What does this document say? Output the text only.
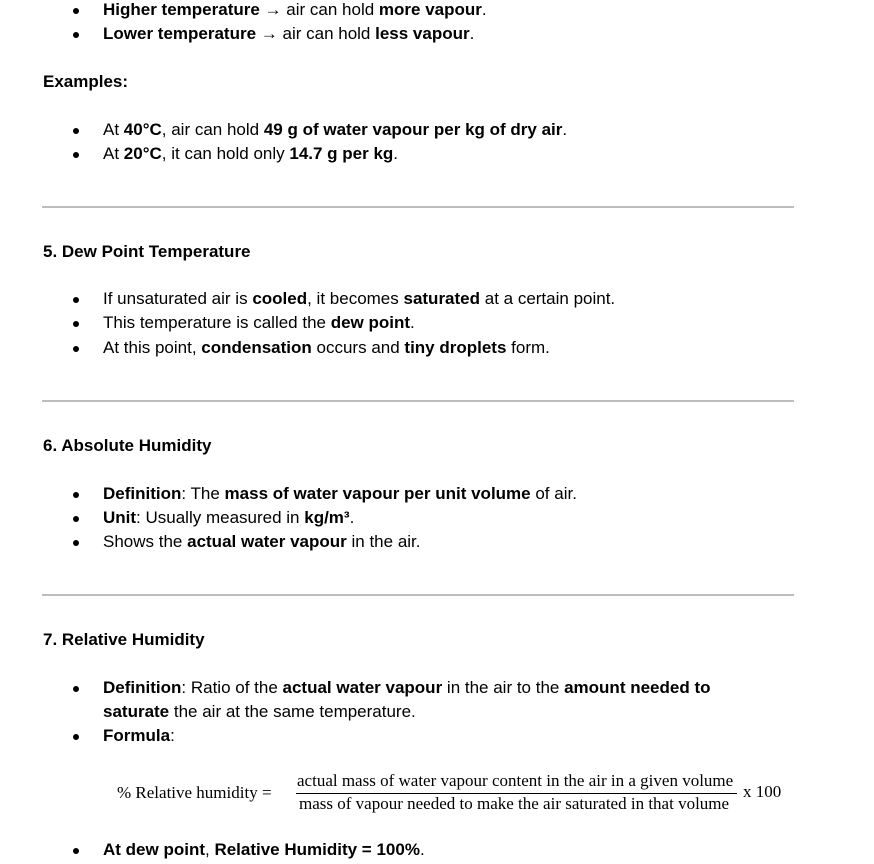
Higher temperature → air can hold more vapour.
Lower temperature → air can hold less vapour.
Examples:
At 40°C, air can hold 49 g of water vapour per kg of dry air.
At 20°C, it can hold only 14.7 g per kg.
5. Dew Point Temperature
If unsaturated air is cooled, it becomes saturated at a certain point.
This temperature is called the dew point.
At this point, condensation occurs and tiny droplets form.
6. Absolute Humidity
Definition: The mass of water vapour per unit volume of air.
Unit: Usually measured in kg/m³.
Shows the actual water vapour in the air.
7. Relative Humidity
Definition: Ratio of the actual water vapour in the air to the amount needed to
saturate the air at the same temperature.
Formula:
% Relative humidity =
actual mass of water vapour content in the air in a given volume
mass of vapour needed to make the air saturated in that volume
x 100
At dew point, Relative Humidity = 100%.
